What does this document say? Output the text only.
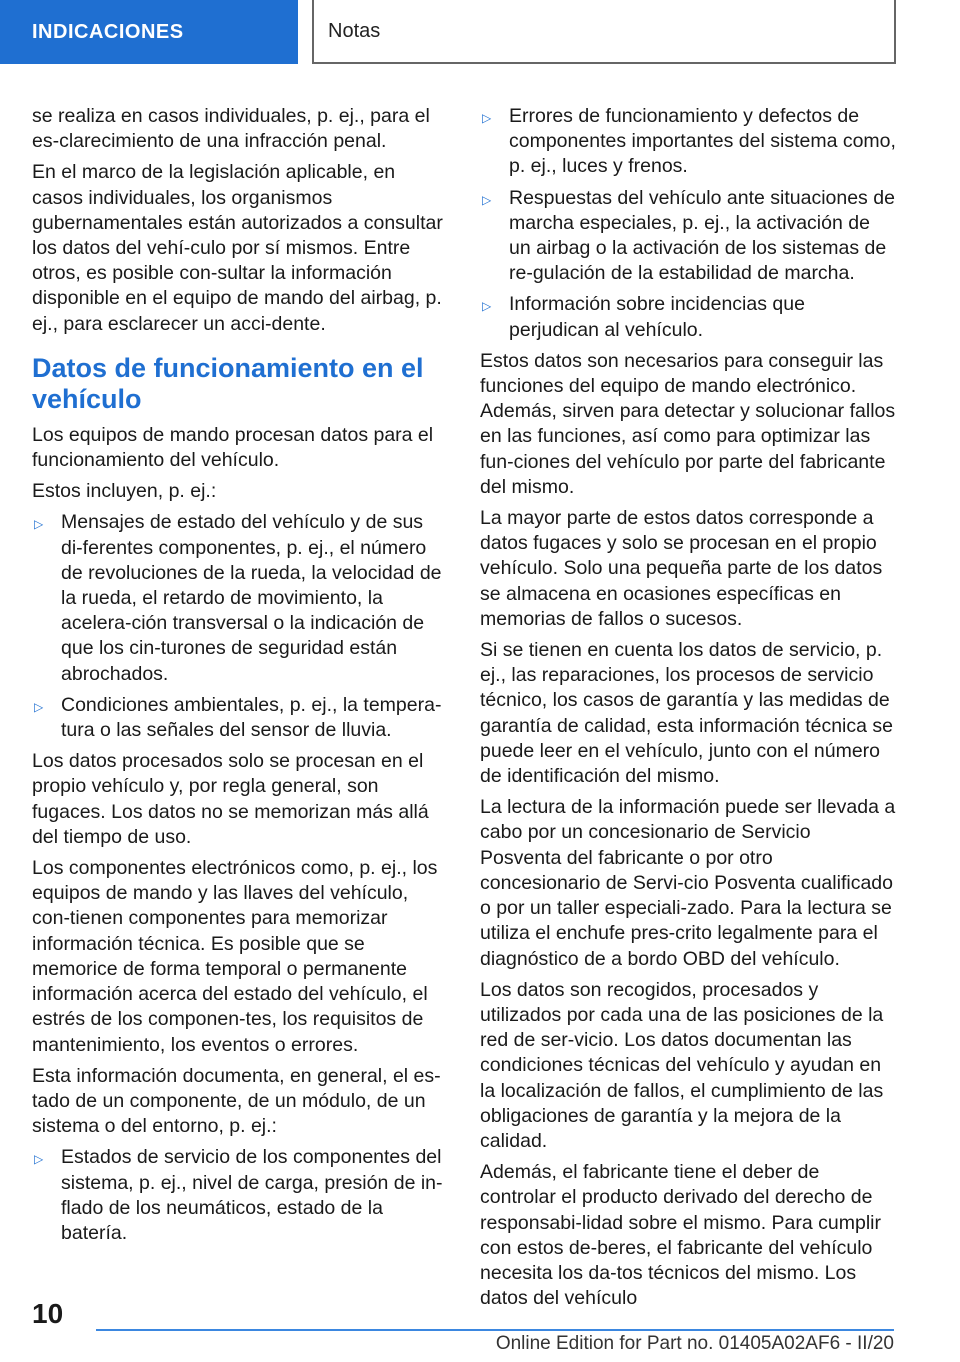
INDICACIONES	Notas

se realiza en casos individuales, p. ej., para el es‐clarecimiento de una infracción penal.

En el marco de la legislación aplicable, en casos individuales, los organismos gubernamentales están autorizados a consultar los datos del vehí‐culo por sí mismos. Entre otros, es posible con‐sultar la información disponible en el equipo de mando del airbag, p. ej., para esclarecer un acci‐dente.

Datos de funcionamiento en el vehículo

Los equipos de mando procesan datos para el funcionamiento del vehículo.

Estos incluyen, p. ej.:

▷ Mensajes de estado del vehículo y de sus di‐ferentes componentes, p. ej., el número de revoluciones de la rueda, la velocidad de la rueda, el retardo de movimiento, la acelera‐ción transversal o la indicación de que los cin‐turones de seguridad están abrochados.
▷ Condiciones ambientales, p. ej., la tempera‐tura o las señales del sensor de lluvia.

Los datos procesados solo se procesan en el propio vehículo y, por regla general, son fugaces. Los datos no se memorizan más allá del tiempo de uso.

Los componentes electrónicos como, p. ej., los equipos de mando y las llaves del vehículo, con‐tienen componentes para memorizar información técnica. Es posible que se memorice de forma temporal o permanente información acerca del estado del vehículo, el estrés de los componen‐tes, los requisitos de mantenimiento, los eventos o errores.

Esta información documenta, en general, el es‐tado de un componente, de un módulo, de un sistema o del entorno, p. ej.:

▷ Estados de servicio de los componentes del sistema, p. ej., nivel de carga, presión de in‐flado de los neumáticos, estado de la batería.
▷ Errores de funcionamiento y defectos de componentes importantes del sistema como, p. ej., luces y frenos.
▷ Respuestas del vehículo ante situaciones de marcha especiales, p. ej., la activación de un airbag o la activación de los sistemas de re‐gulación de la estabilidad de marcha.
▷ Información sobre incidencias que perjudican al vehículo.

Estos datos son necesarios para conseguir las funciones del equipo de mando electrónico. Además, sirven para detectar y solucionar fallos en las funciones, así como para optimizar las fun‐ciones del vehículo por parte del fabricante del mismo.

La mayor parte de estos datos corresponde a datos fugaces y solo se procesan en el propio vehículo. Solo una pequeña parte de los datos se almacena en ocasiones específicas en memorias de fallos o sucesos.

Si se tienen en cuenta los datos de servicio, p. ej., las reparaciones, los procesos de servicio técnico, los casos de garantía y las medidas de garantía de calidad, esta información técnica se puede leer en el vehículo, junto con el número de identificación del mismo.

La lectura de la información puede ser llevada a cabo por un concesionario de Servicio Posventa del fabricante o por otro concesionario de Servi‐cio Posventa cualificado o por un taller especiali‐zado. Para la lectura se utiliza el enchufe pres‐crito legalmente para el diagnóstico de a bordo OBD del vehículo.

Los datos son recogidos, procesados y utilizados por cada una de las posiciones de la red de ser‐vicio. Los datos documentan las condiciones técnicas del vehículo y ayudan en la localización de fallos, el cumplimiento de las obligaciones de garantía y la mejora de la calidad.

Además, el fabricante tiene el deber de controlar el producto derivado del derecho de responsabi‐lidad sobre el mismo. Para cumplir con estos de‐beres, el fabricante del vehículo necesita los da‐tos técnicos del mismo. Los datos del vehículo

10
Online Edition for Part no. 01405A02AF6 - II/20
